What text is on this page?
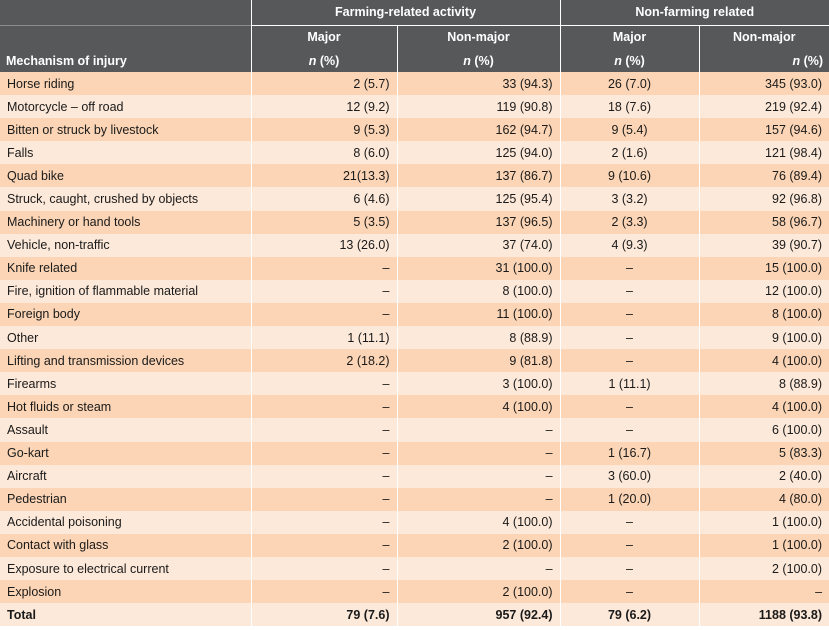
	Farming-related activity		Non-farming related	
	Major	Non-major	Major	Non-major
Mechanism of injury	n (%)	n (%)	n (%)	n (%)
Horse riding	2 (5.7)	33 (94.3)	26 (7.0)	345 (93.0)
Motorcycle – off road	12 (9.2)	119 (90.8)	18 (7.6)	219 (92.4)
Bitten or struck by livestock	9 (5.3)	162 (94.7)	9 (5.4)	157 (94.6)
Falls	8 (6.0)	125 (94.0)	2 (1.6)	121 (98.4)
Quad bike	21(13.3)	137 (86.7)	9 (10.6)	76 (89.4)
Struck, caught, crushed by objects	6 (4.6)	125 (95.4)	3 (3.2)	92 (96.8)
Machinery or hand tools	5 (3.5)	137 (96.5)	2 (3.3)	58 (96.7)
Vehicle, non-traffic	13 (26.0)	37 (74.0)	4 (9.3)	39 (90.7)
Knife related	–	31 (100.0)	–	15 (100.0)
Fire, ignition of flammable material	–	8 (100.0)	–	12 (100.0)
Foreign body	–	11 (100.0)	–	8 (100.0)
Other	1 (11.1)	8 (88.9)	–	9 (100.0)
Lifting and transmission devices	2 (18.2)	9 (81.8)	–	4 (100.0)
Firearms	–	3 (100.0)	1 (11.1)	8 (88.9)
Hot fluids or steam	–	4 (100.0)	–	4 (100.0)
Assault	–	–	–	6 (100.0)
Go-kart	–	–	1 (16.7)	5 (83.3)
Aircraft	–	–	3 (60.0)	2 (40.0)
Pedestrian	–	–	1 (20.0)	4 (80.0)
Accidental poisoning	–	4 (100.0)	–	1 (100.0)
Contact with glass	–	2 (100.0)	–	1 (100.0)
Exposure to electrical current	–	–	–	2 (100.0)
Explosion	–	2 (100.0)	–	–
Total	79 (7.6)	957 (92.4)	79 (6.2)	1188 (93.8)
